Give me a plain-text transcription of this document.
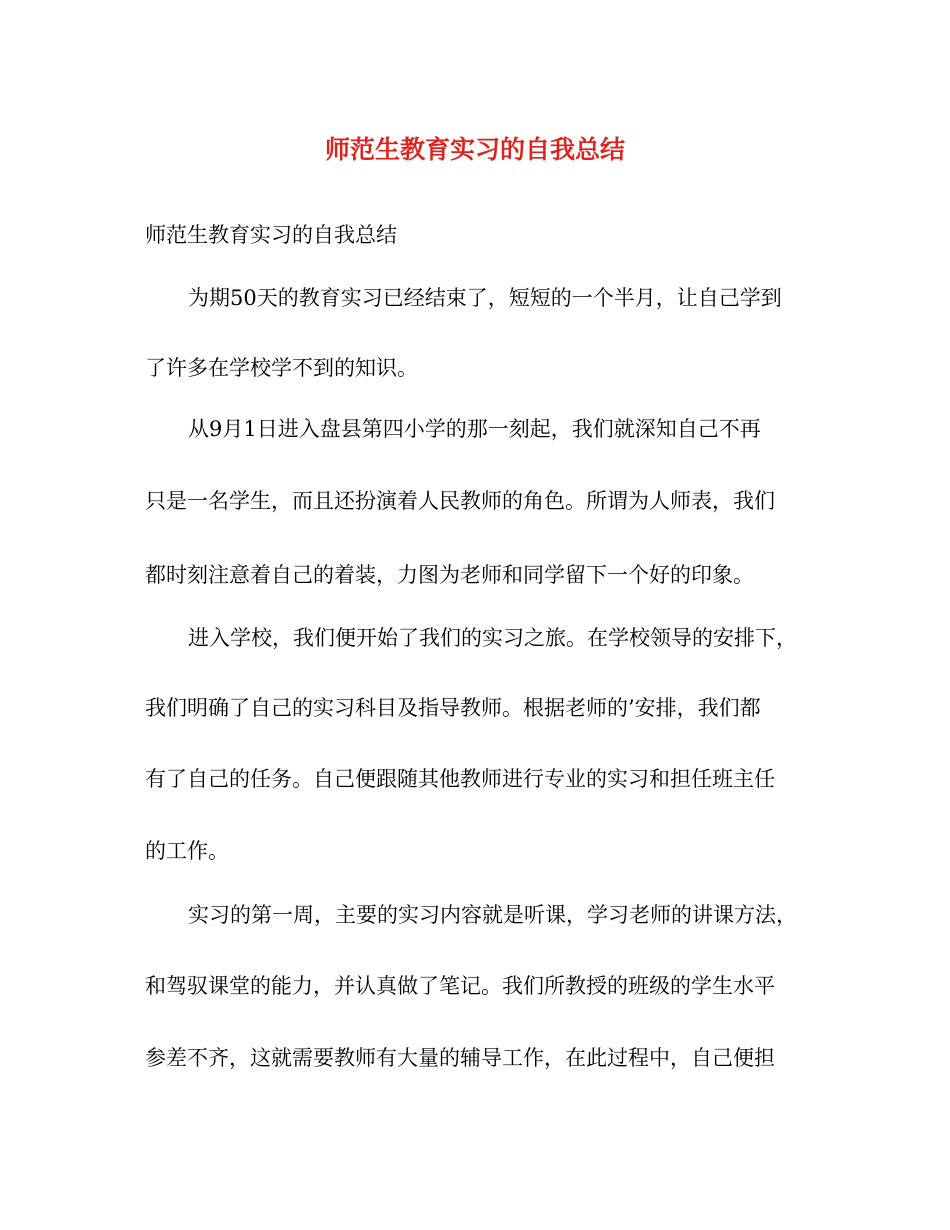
师范生教育实习的自我总结
师范生教育实习的自我总结
为期50天的教育实习已经结束了，短短的一个半月，让自己学到
了许多在学校学不到的知识。
从9月1日进入盘县第四小学的那一刻起，我们就深知自己不再
只是一名学生，而且还扮演着人民教师的角色。所谓为人师表，我们
都时刻注意着自己的着装，力图为老师和同学留下一个好的印象。
进入学校，我们便开始了我们的实习之旅。在学校领导的安排下，
我们明确了自己的实习科目及指导教师。根据老师的’安排，我们都
有了自己的任务。自己便跟随其他教师进行专业的实习和担任班主任
的工作。
实习的第一周，主要的实习内容就是听课，学习老师的讲课方法，
和驾驭课堂的能力，并认真做了笔记。我们所教授的班级的学生水平
参差不齐，这就需要教师有大量的辅导工作，在此过程中，自己便担
